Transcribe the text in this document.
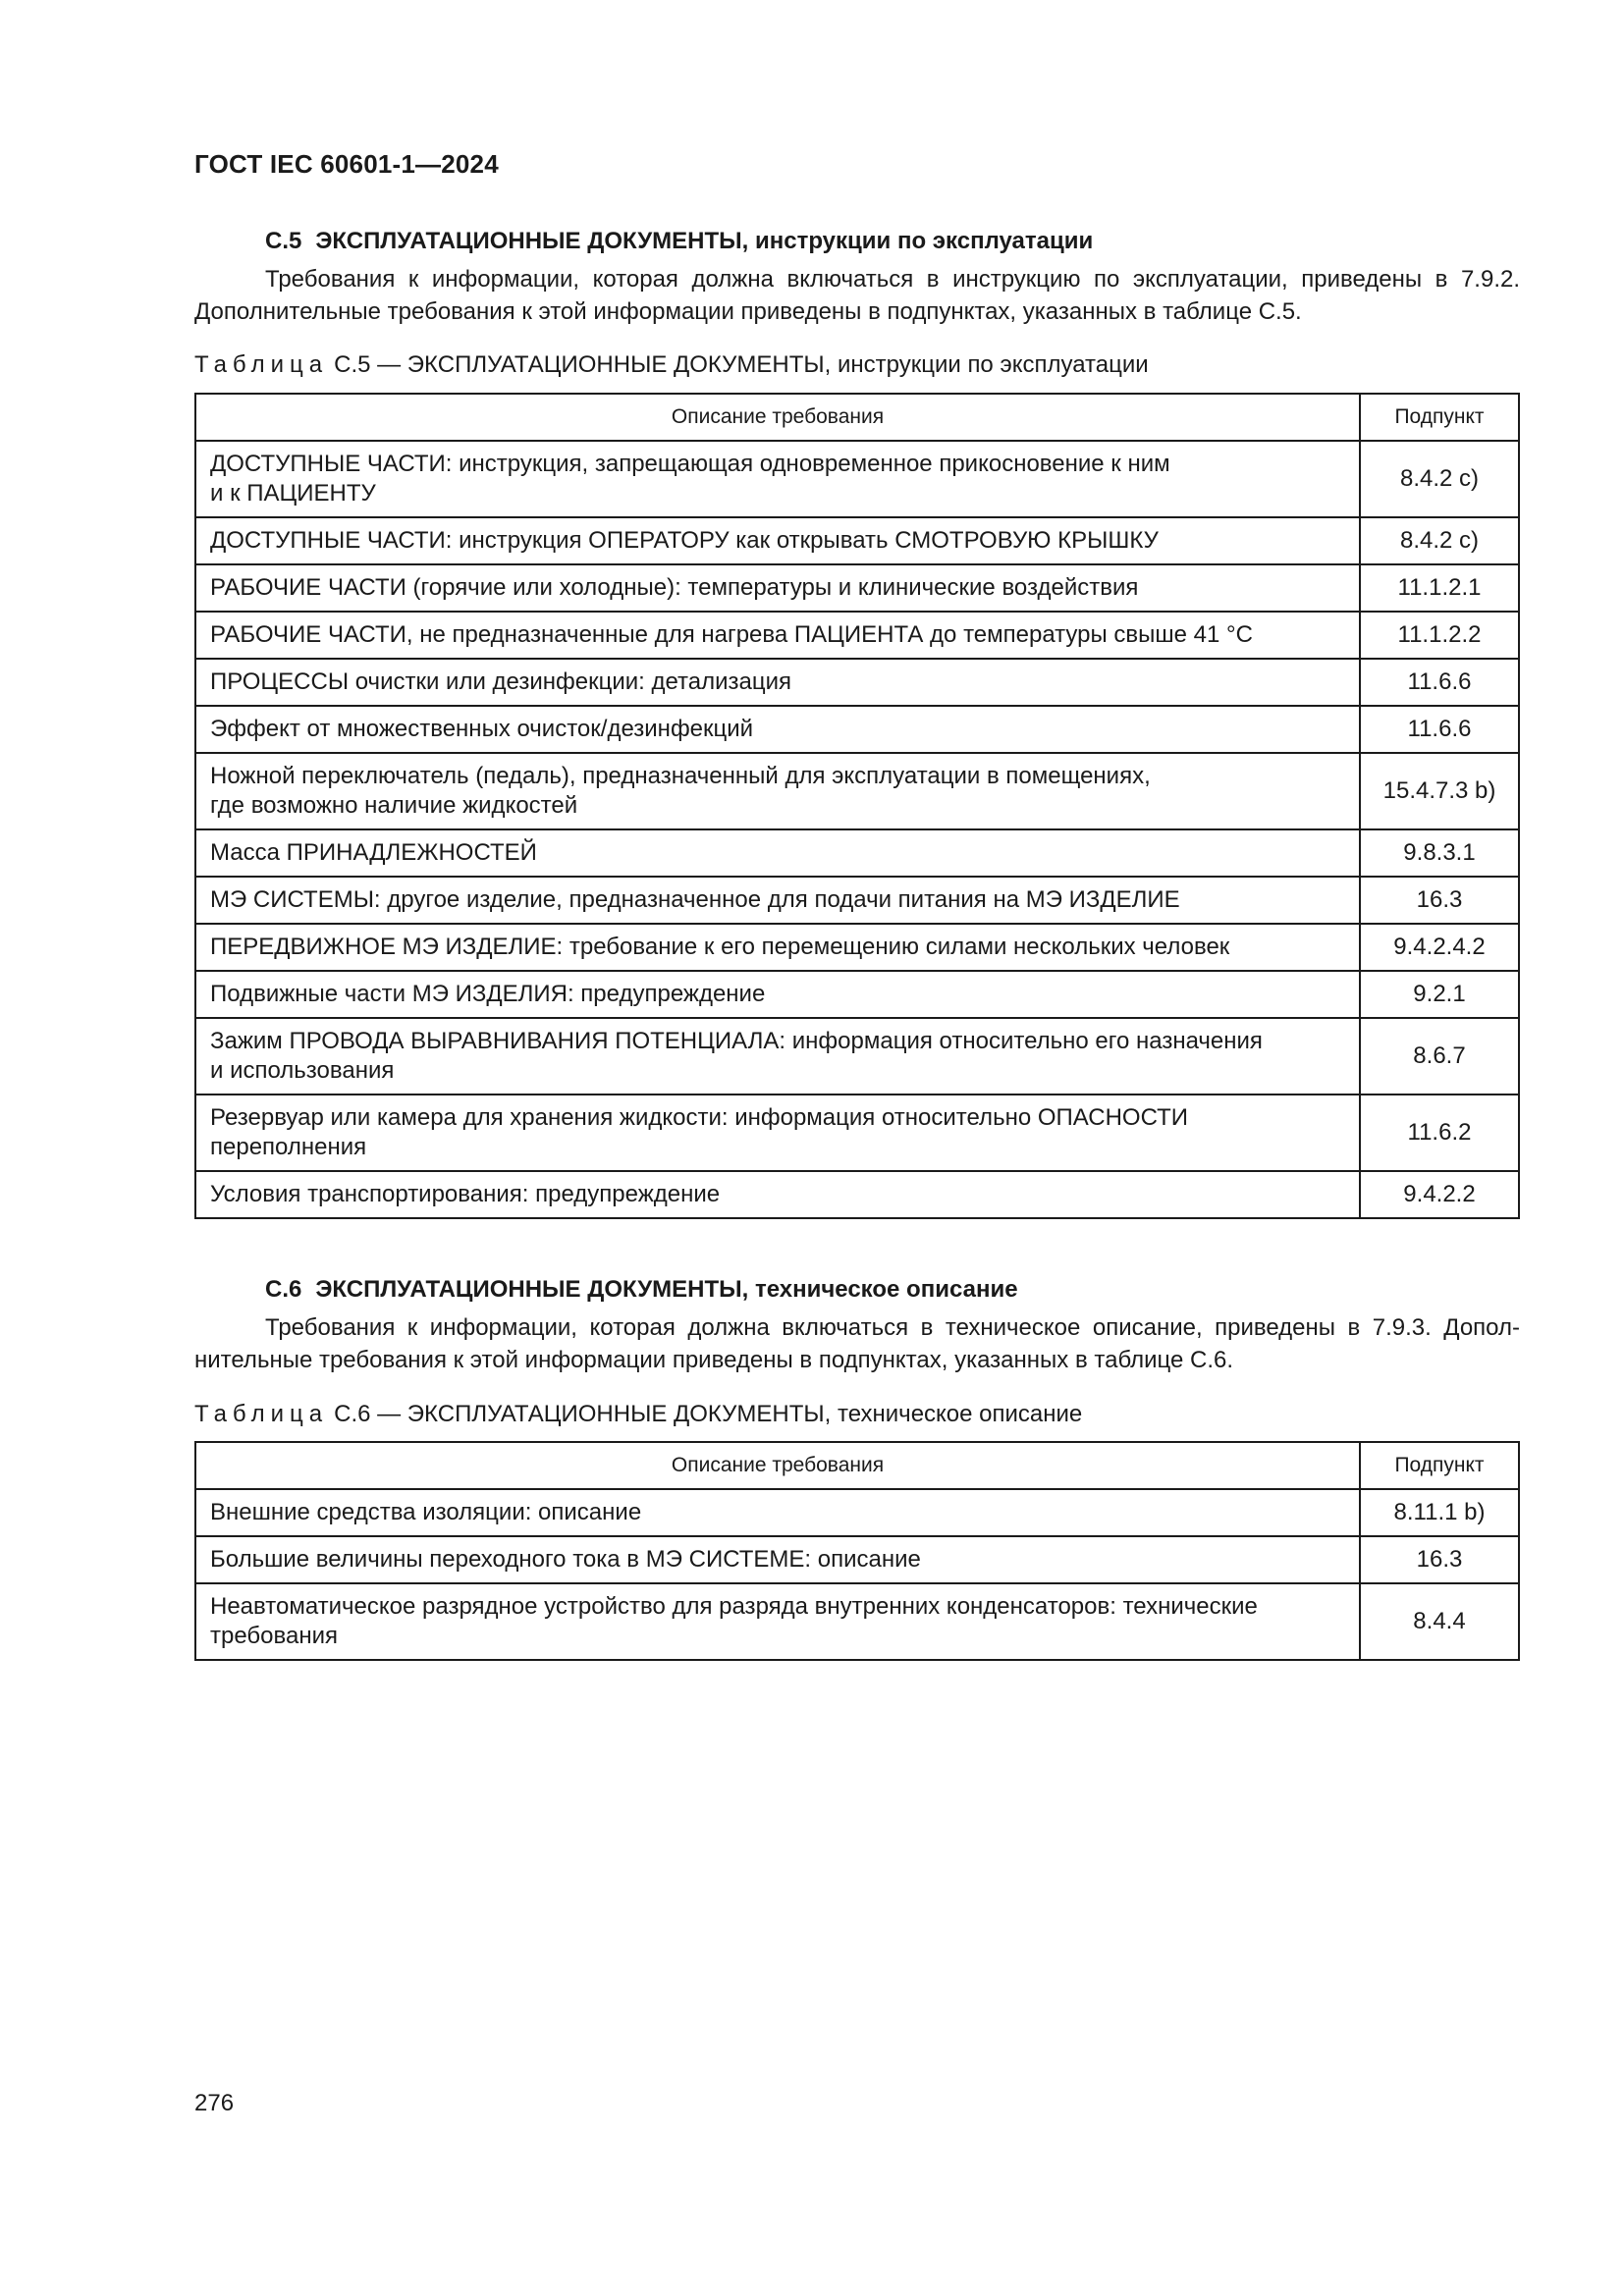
ГОСТ IEC 60601-1—2024
С.5 ЭКСПЛУАТАЦИОННЫЕ ДОКУМЕНТЫ, инструкции по эксплуатации
Требования к информации, которая должна включаться в инструкцию по эксплуатации, приведены в 7.9.2.
Дополнительные требования к этой информации приведены в подпунктах, указанных в таблице С.5.
Таблица С.5 — ЭКСПЛУАТАЦИОННЫЕ ДОКУМЕНТЫ, инструкции по эксплуатации
Описание требования	Подпункт

ДОСТУПНЫЕ ЧАСТИ: инструкция, запрещающая одновременное прикосновение к ним
и к ПАЦИЕНТУ	8.4.2 c)

ДОСТУПНЫЕ ЧАСТИ: инструкция ОПЕРАТОРУ как открывать СМОТРОВУЮ КРЫШКУ	8.4.2 c)

РАБОЧИЕ ЧАСТИ (горячие или холодные): температуры и клинические воздействия	11.1.2.1

РАБОЧИЕ ЧАСТИ, не предназначенные для нагрева ПАЦИЕНТА до температуры свыше 41 °С	11.1.2.2

ПРОЦЕССЫ очистки или дезинфекции: детализация	11.6.6

Эффект от множественных очисток/дезинфекций	11.6.6

Ножной переключатель (педаль), предназначенный для эксплуатации в помещениях,
где возможно наличие жидкостей	15.4.7.3 b)

Масса ПРИНАДЛЕЖНОСТЕЙ	9.8.3.1

МЭ СИСТЕМЫ: другое изделие, предназначенное для подачи питания на МЭ ИЗДЕЛИЕ	16.3

ПЕРЕДВИЖНОЕ МЭ ИЗДЕЛИЕ: требование к его перемещению силами нескольких человек	9.4.2.4.2

Подвижные части МЭ ИЗДЕЛИЯ: предупреждение	9.2.1

Зажим ПРОВОДА ВЫРАВНИВАНИЯ ПОТЕНЦИАЛА: информация относительно его назначения
и использования	8.6.7

Резервуар или камера для хранения жидкости: информация относительно ОПАСНОСТИ
переполнения	11.6.2

Условия транспортирования: предупреждение	9.4.2.2
С.6 ЭКСПЛУАТАЦИОННЫЕ ДОКУМЕНТЫ, техническое описание
Требования к информации, которая должна включаться в техническое описание, приведены в 7.9.3. Допол-
нительные требования к этой информации приведены в подпунктах, указанных в таблице С.6.
Таблица С.6 — ЭКСПЛУАТАЦИОННЫЕ ДОКУМЕНТЫ, техническое описание
Описание требования	Подпункт

Внешние средства изоляции: описание	8.11.1 b)

Большие величины переходного тока в МЭ СИСТЕМЕ: описание	16.3

Неавтоматическое разрядное устройство для разряда внутренних конденсаторов: технические
требования	8.4.4
276
